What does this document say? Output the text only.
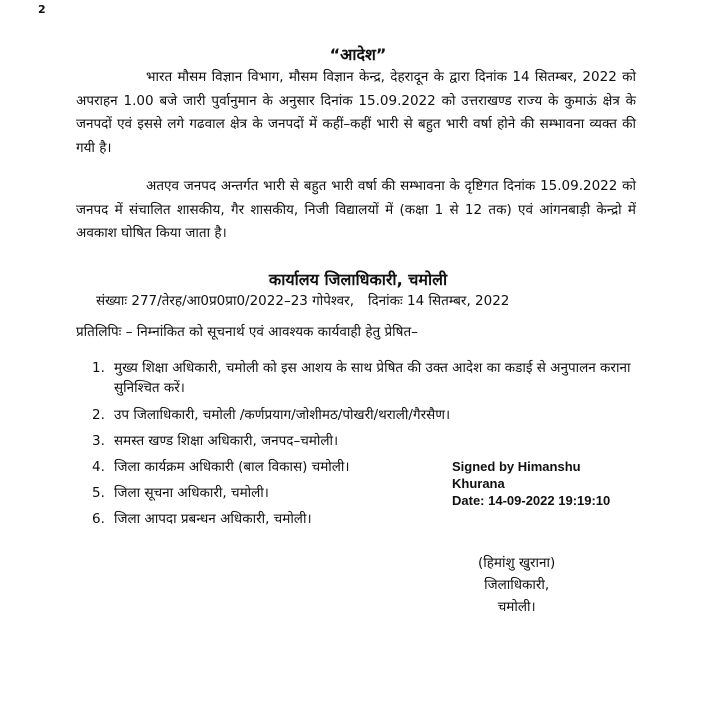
2
“आदेश”

भारत मौसम विज्ञान विभाग, मौसम विज्ञान केन्द्र, देहरादून के द्वारा दिनांक 14 सितम्बर, 2022 को अपराहन 1.00 बजे जारी पुर्वानुमान के अनुसार दिनांक 15.09.2022 को उत्तराखण्ड राज्य के कुमाऊं क्षेत्र के जनपदों एवं इससे लगे गढवाल क्षेत्र के जनपदों में कहीं–कहीं भारी से बहुत भारी वर्षा होने की सम्भावना व्यक्त की गयी है।

अतएव जनपद अन्तर्गत भारी से बहुत भारी वर्षा की सम्भावना के दृष्टिगत दिनांक 15.09.2022 को जनपद में संचालित शासकीय, गैर शासकीय, निजी विद्यालयों में (कक्षा 1 से 12 तक) एवं आंगनबाड़ी केन्द्रो में अवकाश घोषित किया जाता है।

कार्यालय जिलाधिकारी, चमोली
संख्याः 277/तेरह/आ0प्र0प्रा0/2022–23 गोपेश्वर, दिनांकः 14 सितम्बर, 2022
प्रतिलिपिः – निम्नांकित को सूचनार्थ एवं आवश्यक कार्यवाही हेतु प्रेषित–
1. मुख्य शिक्षा अधिकारी, चमोली को इस आशय के साथ प्रेषित की उक्त आदेश का कडाई से अनुपालन कराना सुनिश्चित करें।
2. उप जिलाधिकारी, चमोली /कर्णप्रयाग/जोशीमठ/पोखरी/थराली/गैरसैण।
3. समस्त खण्ड शिक्षा अधिकारी, जनपद–चमोली।
4. जिला कार्यक्रम अधिकारी (बाल विकास) चमोली।
5. जिला सूचना अधिकारी, चमोली।
6. जिला आपदा प्रबन्धन अधिकारी, चमोली।
Signed by Himanshu
Khurana
Date: 14-09-2022 19:19:10
(हिमांशु खुराना)
जिलाधिकारी,
चमोली।
